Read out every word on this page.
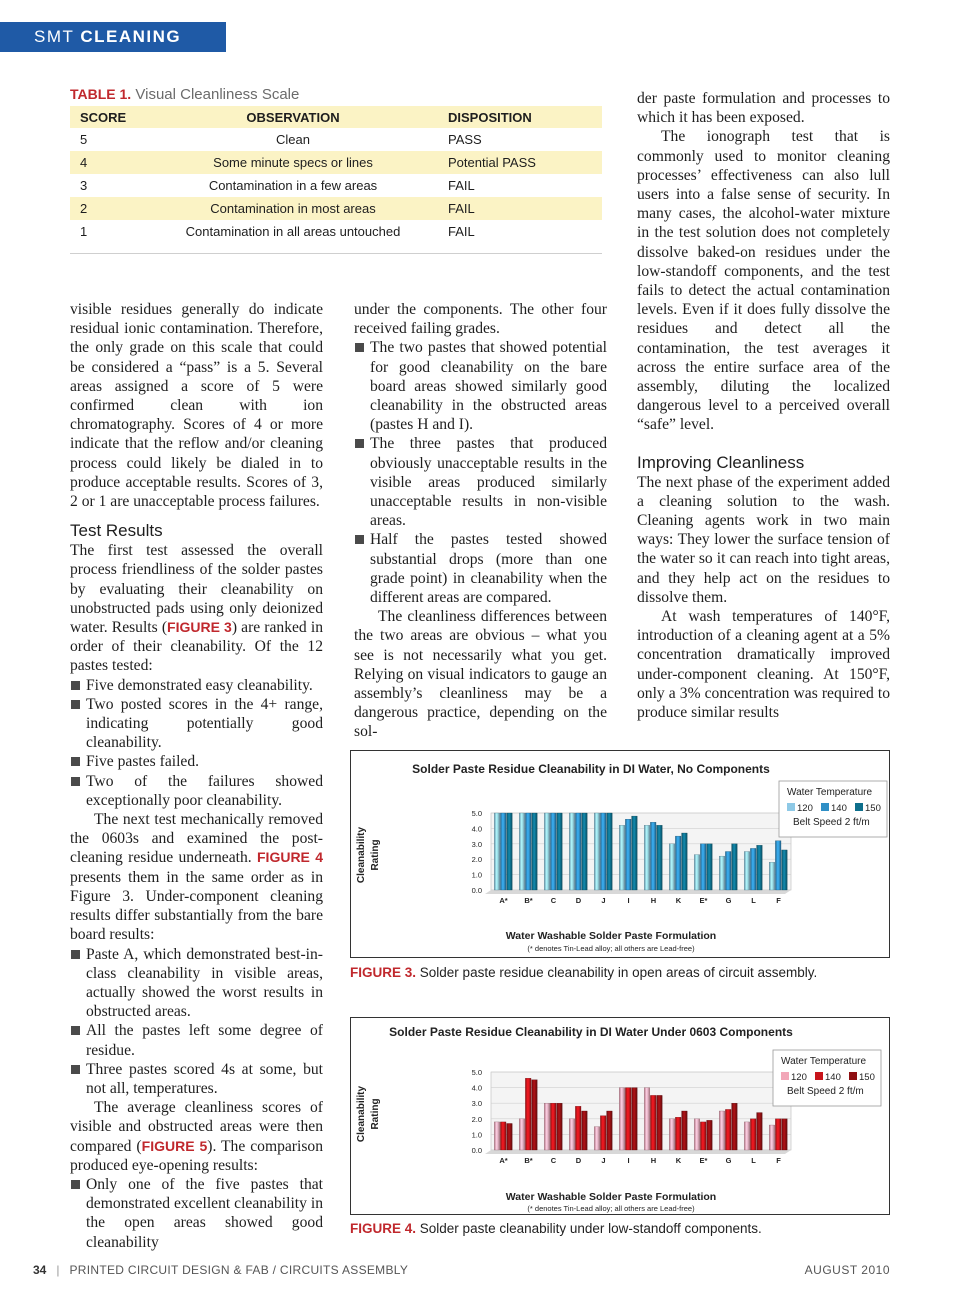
SMT CLEANING
TABLE 1. Visual Cleanliness Scale
SCORE	OBSERVATION	DISPOSITION
5	Clean	PASS
4	Some minute specs or lines	Potential PASS
3	Contamination in a few areas	FAIL
2	Contamination in most areas	FAIL
1	Contamination in all areas untouched	FAIL

visible residues generally do indicate residual ionic contamination. Therefore, the only grade on this scale that could be considered a “pass” is a 5. Several areas assigned a score of 5 were confirmed clean with ion chromatography. Scores of 4 or more indicate that the reflow and/or cleaning process could likely be dialed in to produce acceptable results. Scores of 3, 2 or 1 are unacceptable process failures.

Test Results

The first test assessed the overall process friendliness of the solder pastes by evaluating their cleanability on unobstructed pads using only deionized water. Results (FIGURE 3) are ranked in order of their cleanability. Of the 12 pastes tested:

Five demonstrated easy cleanability.
Two posted scores in the 4+ range, indicating potentially good cleanability.
Five pastes failed.
Two of the failures showed exceptionally poor cleanability.

The next test mechanically removed the 0603s and examined the post-cleaning residue underneath. FIGURE 4 presents them in the same order as in Figure 3. Under-component cleaning results differ substantially from the bare board results:

Paste A, which demonstrated best-in-class cleanability in visible areas, actually showed the worst results in obstructed areas.
All the pastes left some degree of residue.
Three pastes scored 4s at some, but not all, temperatures.

The average cleanliness scores of visible and obstructed areas were then compared (FIGURE 5). The comparison produced eye-opening results:

Only one of the five pastes that demonstrated excellent cleanability in the open areas showed good cleanability

under the components. The other four received failing grades.

The two pastes that showed potential for good cleanability on the bare board areas showed similarly good cleanability in the obstructed areas (pastes H and I).
The three pastes that produced obviously unacceptable results in the visible areas produced similarly unacceptable results in non-visible areas.
Half the pastes tested showed substantial drops (more than one grade point) in cleanability when the different areas are compared.

The cleanliness differences between the two areas are obvious – what you see is not necessarily what you get. Relying on visual indicators to gauge an assembly’s cleanliness may be a dangerous practice, depending on the sol-

der paste formulation and processes to which it has been exposed.

The ionograph test that is commonly used to monitor cleaning processes’ effectiveness can also lull users into a false sense of security. In many cases, the alcohol-water mixture in the test solution does not completely dissolve baked-on residues under the low-standoff components, and the test fails to detect the actual contamination levels. Even if it does fully dissolve the residues and detect all the contamination, the test averages it across the entire surface area of the assembly, diluting the localized dangerous level to a perceived overall “safe” level.

Improving Cleanliness

The next phase of the experiment added a cleaning solution to the wash. Cleaning agents work in two main ways: They lower the surface tension of the water so it can reach into tight areas, and they help act on the residues to dissolve them.

At wash temperatures of 140°F, introduction of a cleaning agent at a 5% concentration dramatically improved under-component cleaning. At 150°F, only a 3% concentration was required to produce similar results

Solder Paste Residue Cleanability in DI Water, No Components
Cleanability Rating
0.0
1.0
2.0
3.0
4.0
5.0
A* B* C	D	J	I	H	K E* G	L	F
Water Washable Solder Paste Formulation
(* denotes Tin-Lead alloy; all others are Lead-free)
Water Temperature
120 140 150
Belt Speed 2 ft/m
FIGURE 3. Solder paste residue cleanability in open areas of circuit assembly.
Solder Paste Residue Cleanability in DI Water Under 0603 Components
Cleanability Rating
0.0
1.0
2.0
3.0
4.0
5.0
A* B* C	D	J	I	H	K E* G	L	F
Water Washable Solder Paste Formulation
(* denotes Tin-Lead alloy; all others are Lead-free)
Water Temperature
120 140 150
Belt Speed 2 ft/m
FIGURE 4. Solder paste cleanability under low-standoff components.
34 | PRINTED CIRCUIT DESIGN & FAB / CIRCUITS ASSEMBLY	AUGUST 2010
